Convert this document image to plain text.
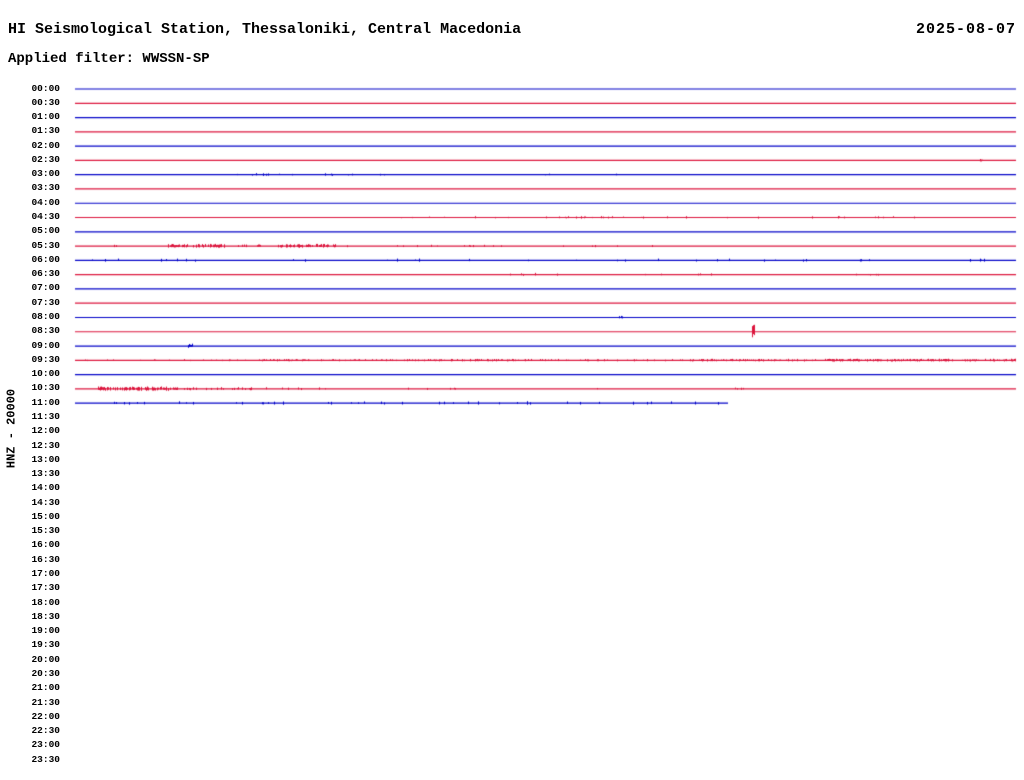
00:00
00:30
01:00
01:30
02:00
02:30
03:00
03:30
04:00
04:30
05:00
05:30
06:00
06:30
07:00
07:30
08:00
08:30
09:00
09:30
10:00
10:30
11:00
11:30
12:00
12:30
13:00
13:30
14:00
14:30
15:00
15:30
16:00
16:30
17:00
17:30
18:00
18:30
19:00
19:30
20:00
20:30
21:00
21:30
22:00
22:30
23:00
23:30
